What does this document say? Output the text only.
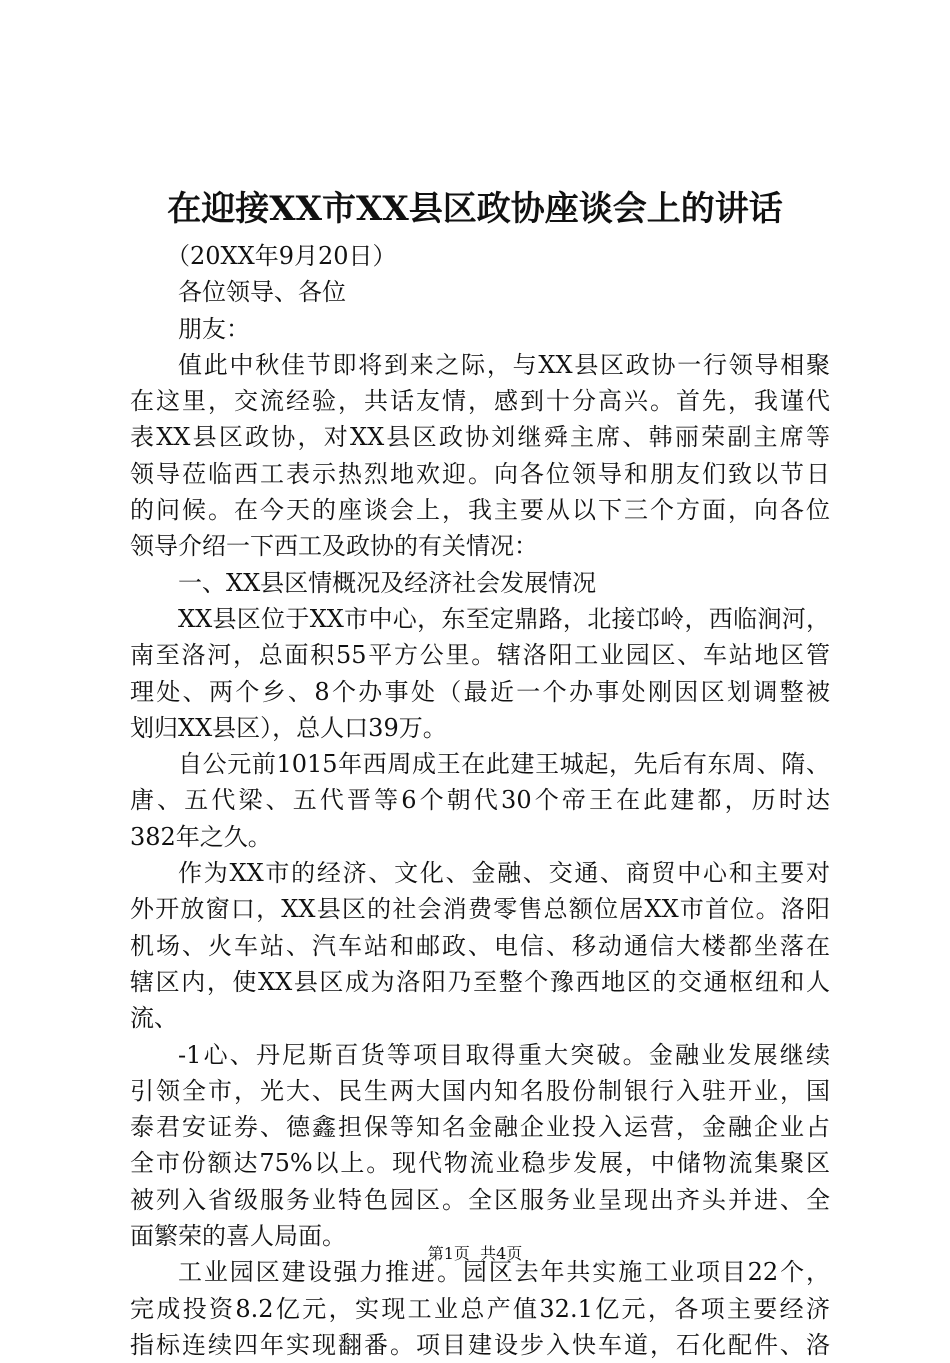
在迎接XX市XX县区政协座谈会上的讲话
（20XX年9月20日）
各位领导、各位
朋友：
值此中秋佳节即将到来之际，与XX县区政协一行领导相聚
在这里，交流经验，共话友情，感到十分高兴。首先，我谨代
表XX县区政协，对XX县区政协刘继舜主席、韩丽荣副主席等
领导莅临西工表示热烈地欢迎。向各位领导和朋友们致以节日
的问候。在今天的座谈会上，我主要从以下三个方面，向各位
领导介绍一下西工及政协的有关情况：
一、XX县区情概况及经济社会发展情况
XX县区位于XX市中心，东至定鼎路，北接邙岭，西临涧河，
南至洛河，总面积55平方公里。辖洛阳工业园区、车站地区管
理处、两个乡、8个办事处（最近一个办事处刚因区划调整被
划归XX县区），总人口39万。
自公元前1015年西周成王在此建王城起，先后有东周、隋、
唐、五代梁、五代晋等6个朝代30个帝王在此建都，历时达
382年之久。
作为XX市的经济、文化、金融、交通、商贸中心和主要对
外开放窗口，XX县区的社会消费零售总额位居XX市首位。洛阳
机场、火车站、汽车站和邮政、电信、移动通信大楼都坐落在
辖区内，使XX县区成为洛阳乃至整个豫西地区的交通枢纽和人
流、
-1心、丹尼斯百货等项目取得重大突破。金融业发展继续
引领全市，光大、民生两大国内知名股份制银行入驻开业，国
泰君安证券、德鑫担保等知名金融企业投入运营，金融企业占
全市份额达75%以上。现代物流业稳步发展，中储物流集聚区
被列入省级服务业特色园区。全区服务业呈现出齐头并进、全
面繁荣的喜人局面。
工业园区建设强力推进。园区去年共实施工业项目22个，
完成投资8.2亿元，实现工业总产值32.1亿元，各项主要经济
指标连续四年实现翻番。项目建设步入快车道，石化配件、洛
第1页  共4页
